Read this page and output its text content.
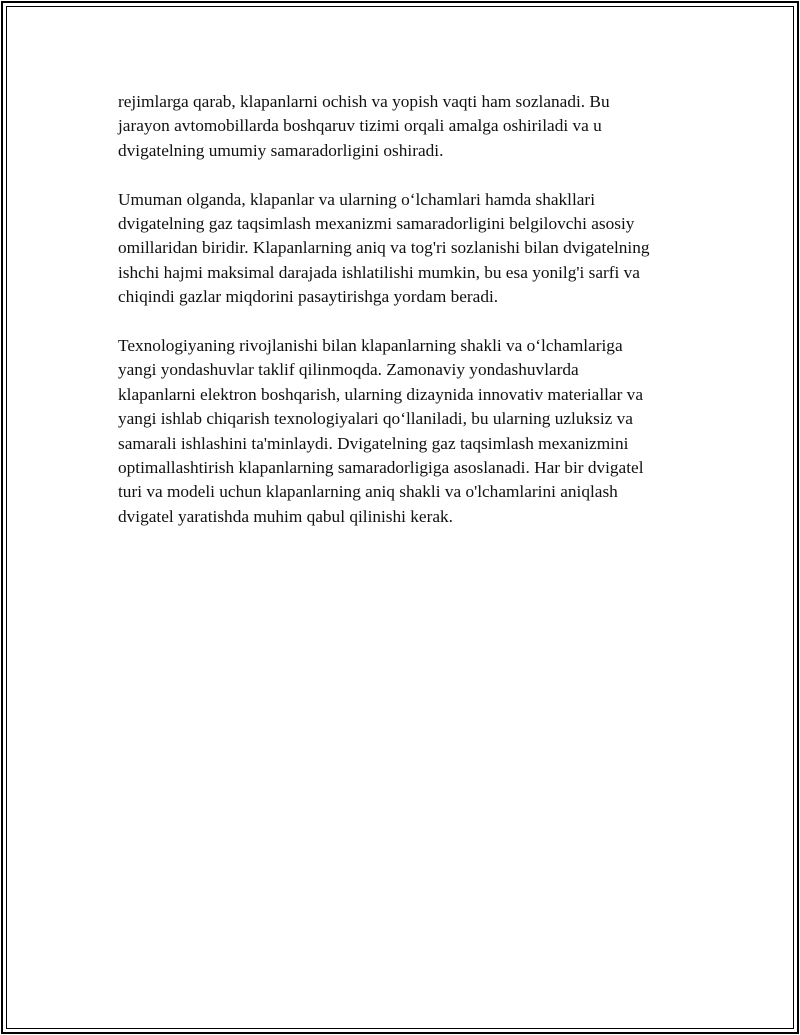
rejimlarga qarab, klapanlarni ochish va yopish vaqti ham sozlanadi. Bu
jarayon avtomobillarda boshqaruv tizimi orqali amalga oshiriladi va u
dvigatelning umumiy samaradorligini oshiradi.

Umuman olganda, klapanlar va ularning o‘lchamlari hamda shakllari
dvigatelning gaz taqsimlash mexanizmi samaradorligini belgilovchi asosiy
omillaridan biridir. Klapanlarning aniq va tog'ri sozlanishi bilan dvigatelning
ishchi hajmi maksimal darajada ishlatilishi mumkin, bu esa yonilg'i sarfi va
chiqindi gazlar miqdorini pasaytirishga yordam beradi.

Texnologiyaning rivojlanishi bilan klapanlarning shakli va o‘lchamlariga
yangi yondashuvlar taklif qilinmoqda. Zamonaviy yondashuvlarda
klapanlarni elektron boshqarish, ularning dizaynida innovativ materiallar va
yangi ishlab chiqarish texnologiyalari qo‘llaniladi, bu ularning uzluksiz va
samarali ishlashini ta'minlaydi. Dvigatelning gaz taqsimlash mexanizmini
optimallashtirish klapanlarning samaradorligiga asoslanadi. Har bir dvigatel
turi va modeli uchun klapanlarning aniq shakli va o'lchamlarini aniqlash
dvigatel yaratishda muhim qabul qilinishi kerak.
